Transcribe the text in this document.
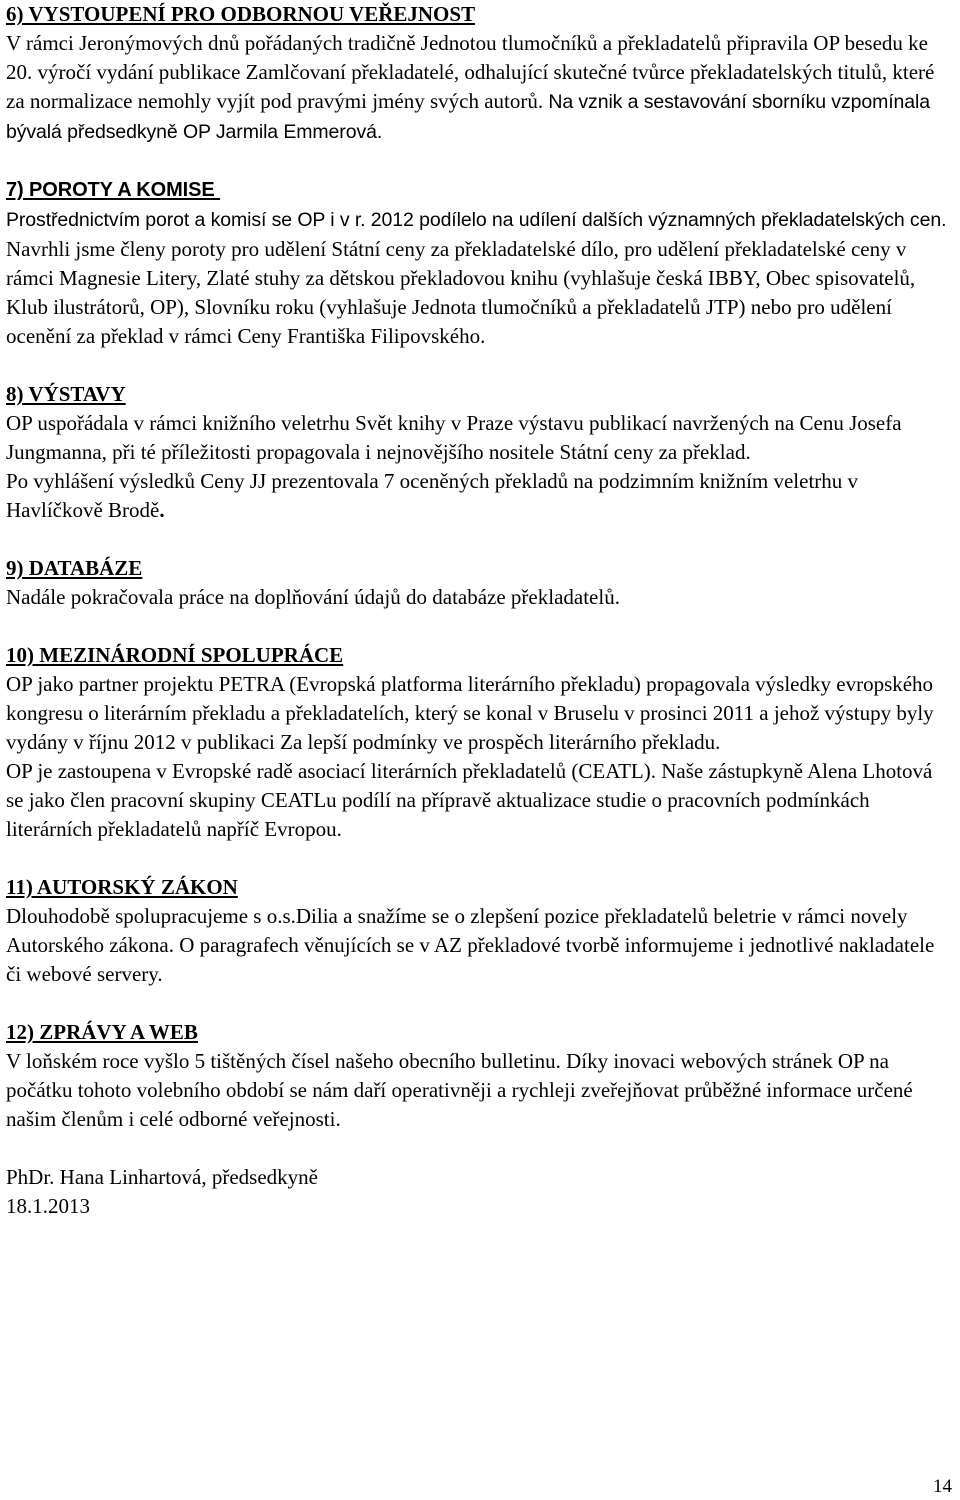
6) VYSTOUPENÍ PRO ODBORNOU VEŘEJNOST

V rámci Jeronýmových dnů pořádaných tradičně Jednotou tlumočníků a překladatelů připravila OP besedu ke 20. výročí vydání publikace Zamlčovaní překladatelé, odhalující skutečné tvůrce překladatelských titulů, které za normalizace nemohly vyjít pod pravými jmény svých autorů. Na vznik a sestavování sborníku vzpomínala bývalá předsedkyně OP Jarmila Emmerová.

7) POROTY A KOMISE

Prostřednictvím porot a komisí se OP i v r. 2012 podílelo na udílení dalších významných překladatelských cen. Navrhli jsme členy poroty pro udělení Státní ceny za překladatelské dílo, pro udělení překladatelské ceny v rámci Magnesie Litery, Zlaté stuhy za dětskou překladovou knihu (vyhlašuje česká IBBY, Obec spisovatelů, Klub ilustrátorů, OP), Slovníku roku (vyhlašuje Jednota tlumočníků a překladatelů JTP) nebo pro udělení ocenění za překlad v rámci Ceny Františka Filipovského.

8) VÝSTAVY

OP uspořádala v rámci knižního veletrhu Svět knihy v Praze výstavu publikací navržených na Cenu Josefa Jungmanna, při té příležitosti propagovala i nejnovějšího nositele Státní ceny za překlad.

Po vyhlášení výsledků Ceny JJ prezentovala 7 oceněných překladů na podzimním knižním veletrhu v Havlíčkově Brodě.

9) DATABÁZE

Nadále pokračovala práce na doplňování údajů do databáze překladatelů.

10) MEZINÁRODNÍ SPOLUPRÁCE

OP jako partner projektu PETRA (Evropská platforma literárního překladu) propagovala výsledky evropského kongresu o literárním překladu a překladatelích, který se konal v Bruselu v prosinci 2011 a jehož výstupy byly vydány v říjnu 2012 v publikaci Za lepší podmínky ve prospěch literárního překladu.

OP je zastoupena v Evropské radě asociací literárních překladatelů (CEATL). Naše zástupkyně Alena Lhotová se jako člen pracovní skupiny CEATLu podílí na přípravě aktualizace studie o pracovních podmínkách literárních překladatelů napříč Evropou.

11) AUTORSKÝ ZÁKON

Dlouhodobě spolupracujeme s o.s.Dilia a snažíme se o zlepšení pozice překladatelů beletrie v rámci novely Autorského zákona. O paragrafech věnujících se v AZ překladové tvorbě informujeme i jednotlivé nakladatele či webové servery.

12) ZPRÁVY A WEB

V loňském roce vyšlo 5 tištěných čísel našeho obecního bulletinu. Díky inovaci webových stránek OP na počátku tohoto volebního období se nám daří operativněji a rychleji zveřejňovat průběžné informace určené našim členům i celé odborné veřejnosti.

PhDr. Hana Linhartová, předsedkyně
18.1.2013
14
